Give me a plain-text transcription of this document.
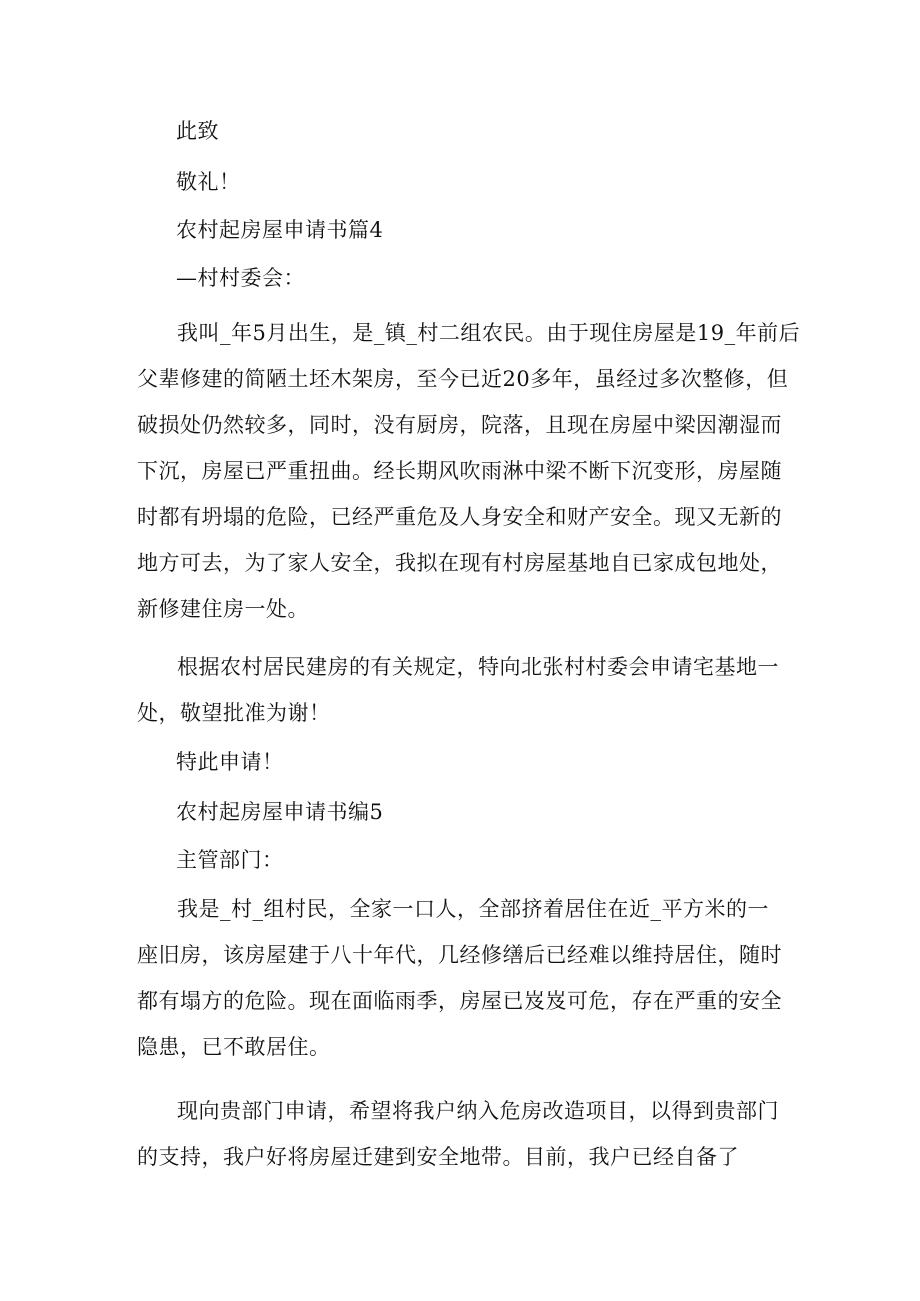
此致
敬礼！
农村起房屋申请书篇4
—村村委会：

我叫_年5月出生，是_镇_村二组农民。由于现住房屋是19_年前后

父辈修建的简陋土坯木架房，至今已近20多年，虽经过多次整修，但

破损处仍然较多，同时，没有厨房，院落，且现在房屋中梁因潮湿而

下沉，房屋已严重扭曲。经长期风吹雨淋中梁不断下沉变形，房屋随

时都有坍塌的危险，已经严重危及人身安全和财产安全。现又无新的

地方可去，为了家人安全，我拟在现有村房屋基地自已家成包地处，

新修建住房一处。

根据农村居民建房的有关规定，特向北张村村委会申请宅基地一

处，敬望批准为谢！

特此申请！
农村起房屋申请书编5
主管部门：

我是_村_组村民，全家一口人，全部挤着居住在近_平方米的一

座旧房，该房屋建于八十年代，几经修缮后已经难以维持居住，随时

都有塌方的危险。现在面临雨季，房屋已岌岌可危，存在严重的安全

隐患，已不敢居住。

现向贵部门申请，希望将我户纳入危房改造项目，以得到贵部门

的支持，我户好将房屋迁建到安全地带。目前，我户已经自备了
